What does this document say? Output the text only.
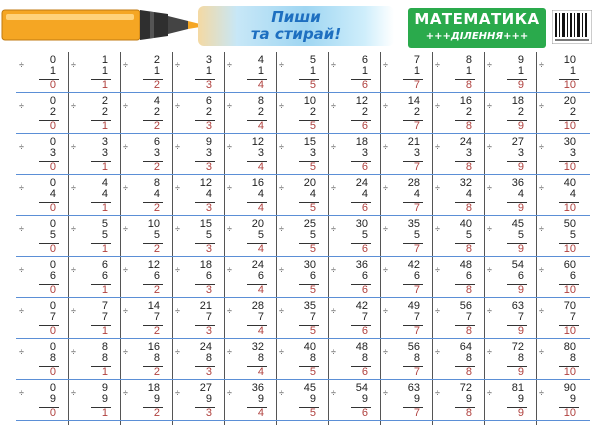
Пиши
та стирай!
МАТЕМАТИКА
+++ДІЛЕННЯ+++
÷ 0
1
0
÷ 1
1
1
÷ 2
1
2
÷ 3
1
3
÷ 4
1
4
÷ 5
1
5
÷ 6
1
6
÷ 7
1
7
÷ 8
1
8
÷ 9
1
9
÷ 10
1
10
÷ 0
2
0
÷ 2
2
1
÷ 4
2
2
÷ 6
2
3
÷ 8
2
4
÷ 10
2
5
÷ 12
2
6
÷ 14
2
7
÷ 16
2
8
÷ 18
2
9
÷ 20
2
10
÷ 0
3
0
÷ 3
3
1
÷ 6
3
2
÷ 9
3
3
÷ 12
3
4
÷ 15
3
5
÷ 18
3
6
÷ 21
3
7
÷ 24
3
8
÷ 27
3
9
÷ 30
3
10
÷ 0
4
0
÷ 4
4
1
÷ 8
4
2
÷ 12
4
3
÷ 16
4
4
÷ 20
4
5
÷ 24
4
6
÷ 28
4
7
÷ 32
4
8
÷ 36
4
9
÷ 40
4
10
÷ 0
5
0
÷ 5
5
1
÷ 10
5
2
÷ 15
5
3
÷ 20
5
4
÷ 25
5
5
÷ 30
5
6
÷ 35
5
7
÷ 40
5
8
÷ 45
5
9
÷ 50
5
10
÷ 0
6
0
÷ 6
6
1
÷ 12
6
2
÷ 18
6
3
÷ 24
6
4
÷ 30
6
5
÷ 36
6
6
÷ 42
6
7
÷ 48
6
8
÷ 54
6
9
÷ 60
6
10
÷ 0
7
0
÷ 7
7
1
÷ 14
7
2
÷ 21
7
3
÷ 28
7
4
÷ 35
7
5
÷ 42
7
6
÷ 49
7
7
÷ 56
7
8
÷ 63
7
9
÷ 70
7
10
÷ 0
8
0
÷ 8
8
1
÷ 16
8
2
÷ 24
8
3
÷ 32
8
4
÷ 40
8
5
÷ 48
8
6
÷ 56
8
7
÷ 64
8
8
÷ 72
8
9
÷ 80
8
10
÷ 0
9
0
÷ 9
9
1
÷ 18
9
2
÷ 27
9
3
÷ 36
9
4
÷ 45
9
5
÷ 54
9
6
÷ 63
9
7
÷ 72
9
8
÷ 81
9
9
÷ 90
9
10
